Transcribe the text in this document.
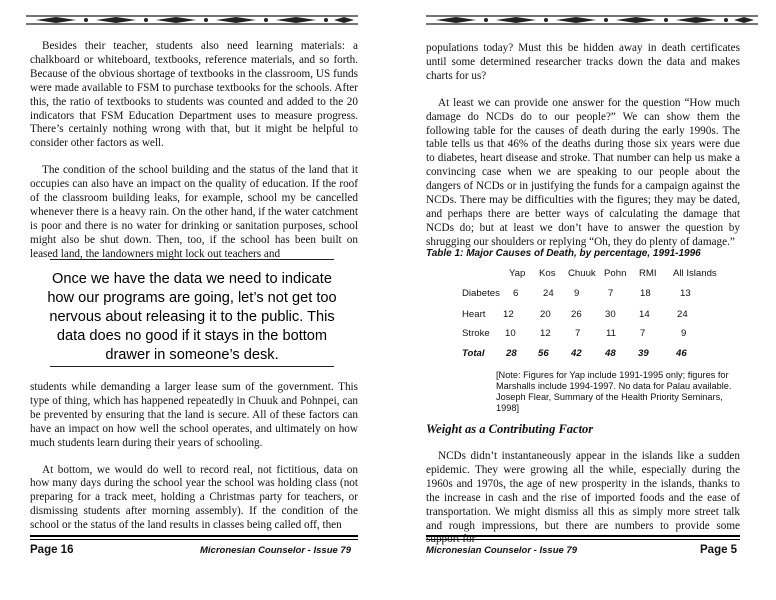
Besides their teacher, students also need learning materials: a chalkboard or whiteboard, textbooks, reference materials, and so forth. Because of the obvious shortage of textbooks in the classroom, US funds were made available to FSM to purchase textbooks for the schools. After this, the ratio of textbooks to students was counted and added to the 20 indicators that FSM Education Department uses to measure progress. There’s certainly nothing wrong with that, but it might be helpful to consider other factors as well.

The condition of the school building and the status of the land that it occupies can also have an impact on the quality of education. If the roof of the classroom building leaks, for example, school my be cancelled whenever there is a heavy rain. On the other hand, if the water catchment is poor and there is no water for drinking or sanitation purposes, school might also be shut down. Then, too, if the school has been built on leased land, the landowners might lock out teachers and

Once we have the data we need to indicate how our programs are going, let’s not get too nervous about releasing it to the public. This data does no good if it stays in the bottom drawer in someone’s desk.

students while demanding a larger lease sum of the government. This type of thing, which has happened repeatedly in Chuuk and Pohnpei, can be prevented by ensuring that the land is secure. All of these factors can have an impact on how well the school operates, and ultimately on how much students learn during their years of schooling.

At bottom, we would do well to record real, not fictitious, data on how many days during the school year the school was holding class (not preparing for a track meet, holding a Christmas party for teachers, or dismissing students after morning assembly). If the condition of the school or the status of the land results in classes being called off, then

Page 16	Micronesian Counselor - Issue 79

populations today? Must this be hidden away in death certificates until some determined researcher tracks down the data and makes charts for us?

At least we can provide one answer for the question “How much damage do NCDs do to our people?” We can show them the following table for the causes of death during the early 1990s. The table tells us that 46% of the deaths during those six years were due to diabetes, heart disease and stroke. That number can help us make a convincing case when we are speaking to our people about the dangers of NCDs or in justifying the funds for a campaign against the NCDs. There may be difficulties with the figures; they may be dated, and perhaps there are better ways of calculating the damage that NCDs do; but at least we don’t have to answer the question by shrugging our shoulders or replying “Oh, they do plenty of damage.”

Table 1: Major Causes of Death, by percentage, 1991-1996
Yap Kos Chuuk Pohn RMI All Islands
Diabetes 6	24 9	7	18	13
Heart 12	20 26 30 14	24
Stroke 10	12	7	11	7	9
Total 28 56 42 48 39	46
[Note: Figures for Yap include 1991-1995 only; figures for Marshalls include 1994-1997. No data for Palau available. Joseph Flear, Summary of the Health Priority Seminars, 1998]
Weight as a Contributing Factor

NCDs didn’t instantaneously appear in the islands like a sudden epidemic. They were growing all the while, especially during the 1960s and 1970s, the age of new prosperity in the islands, thanks to the increase in cash and the rise of imported foods and the ease of transportation. We might dismiss all this as simply more street talk and rough impressions, but there are numbers to provide some support for

Micronesian Counselor - Issue 79	Page 5
